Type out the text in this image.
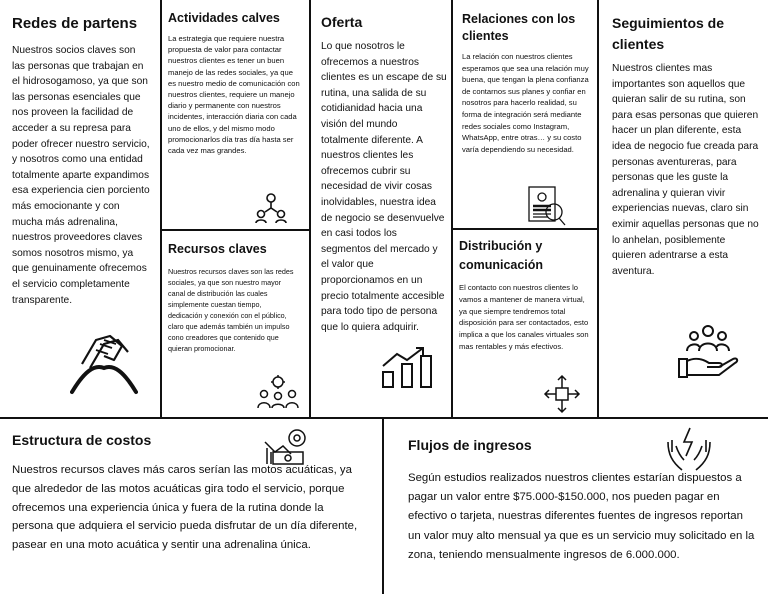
Redes de partens

Nuestros socios claves son las personas que trabajan en el hidrosogamoso, ya que son las personas esenciales que nos proveen la facilidad de acceder a su represa para poder ofrecer nuestro servicio, y nosotros como una entidad totalmente aparte expandimos esa experiencia cien porciento más emocionante y con mucha más adrenalina, nuestros proveedores claves somos nosotros mismo, ya que genuinamente ofrecemos el servicio completamente transparente.

Actividades calves

La estrategia que requiere nuestra propuesta de valor para contactar nuestros clientes es tener un buen manejo de las redes sociales, ya que es nuestro medio de comunicación con nuestros clientes, requiere un manejo diario y permanente con nuestros incidentes, interacción diaria con cada uno de ellos, y del mismo modo promocionarlos día tras día hasta ser cada vez mas grandes.

Recursos claves

Nuestros recursos claves son las redes sociales, ya que son nuestro mayor canal de distribución las cuales simplemente cuestan tiempo, dedicación y conexión con el público, claro que además también un impulso cono creadores que contenido que quieran promocionar.

Oferta

Lo que nosotros le ofrecemos a nuestros clientes es un escape de su rutina, una salida de su cotidianidad hacia una visión del mundo totalmente diferente. A nuestros clientes les ofrecemos cubrir su necesidad de vivir cosas inolvidables, nuestra idea de negocio se desenvuelve en casi todos los segmentos del mercado y el valor que proporcionamos en un precio totalmente accesible para todo tipo de persona que lo quiera adquirir.

Relaciones con los clientes

La relación con nuestros clientes esperamos que sea una relación muy buena, que tengan la plena confianza de contarnos sus planes y confiar en nosotros para hacerlo realidad, su forma de integración será mediante redes sociales como Instagram, WhatsApp, entre otras… y su costo varía dependiendo su necesidad.

Distribución y comunicación

El contacto con nuestros clientes lo vamos a mantener de manera virtual, ya que siempre tendremos total disposición para ser contactados, esto implica a que los canales virtuales son mas rentables y más efectivos.

Seguimientos de clientes

Nuestros clientes mas importantes son aquellos que quieran salir de su rutina, son para esas personas que quieren hacer un plan diferente, esta idea de negocio fue creada para personas aventureras, para personas que les guste la adrenalina y quieran vivir experiencias nuevas, claro sin eximir aquellas personas que no lo anhelan, posiblemente quieren adentrarse a esta aventura.

Estructura de costos

Nuestros recursos claves más caros serían las motos acuáticas, ya que alrededor de las motos acuáticas gira todo el servicio, porque ofrecemos una experiencia única y fuera de la rutina donde la persona que adquiera el servicio pueda disfrutar de un día diferente, pasear en una moto acuática y sentir una adrenalina única.

Flujos de ingresos

Según estudios realizados nuestros clientes estarían dispuestos a pagar un valor entre $75.000-$150.000, nos pueden pagar en efectivo o tarjeta, nuestras diferentes fuentes de ingresos reportan un valor muy alto mensual ya que es un servicio muy solicitado en la zona, teniendo mensualmente ingresos de 6.000.000.
